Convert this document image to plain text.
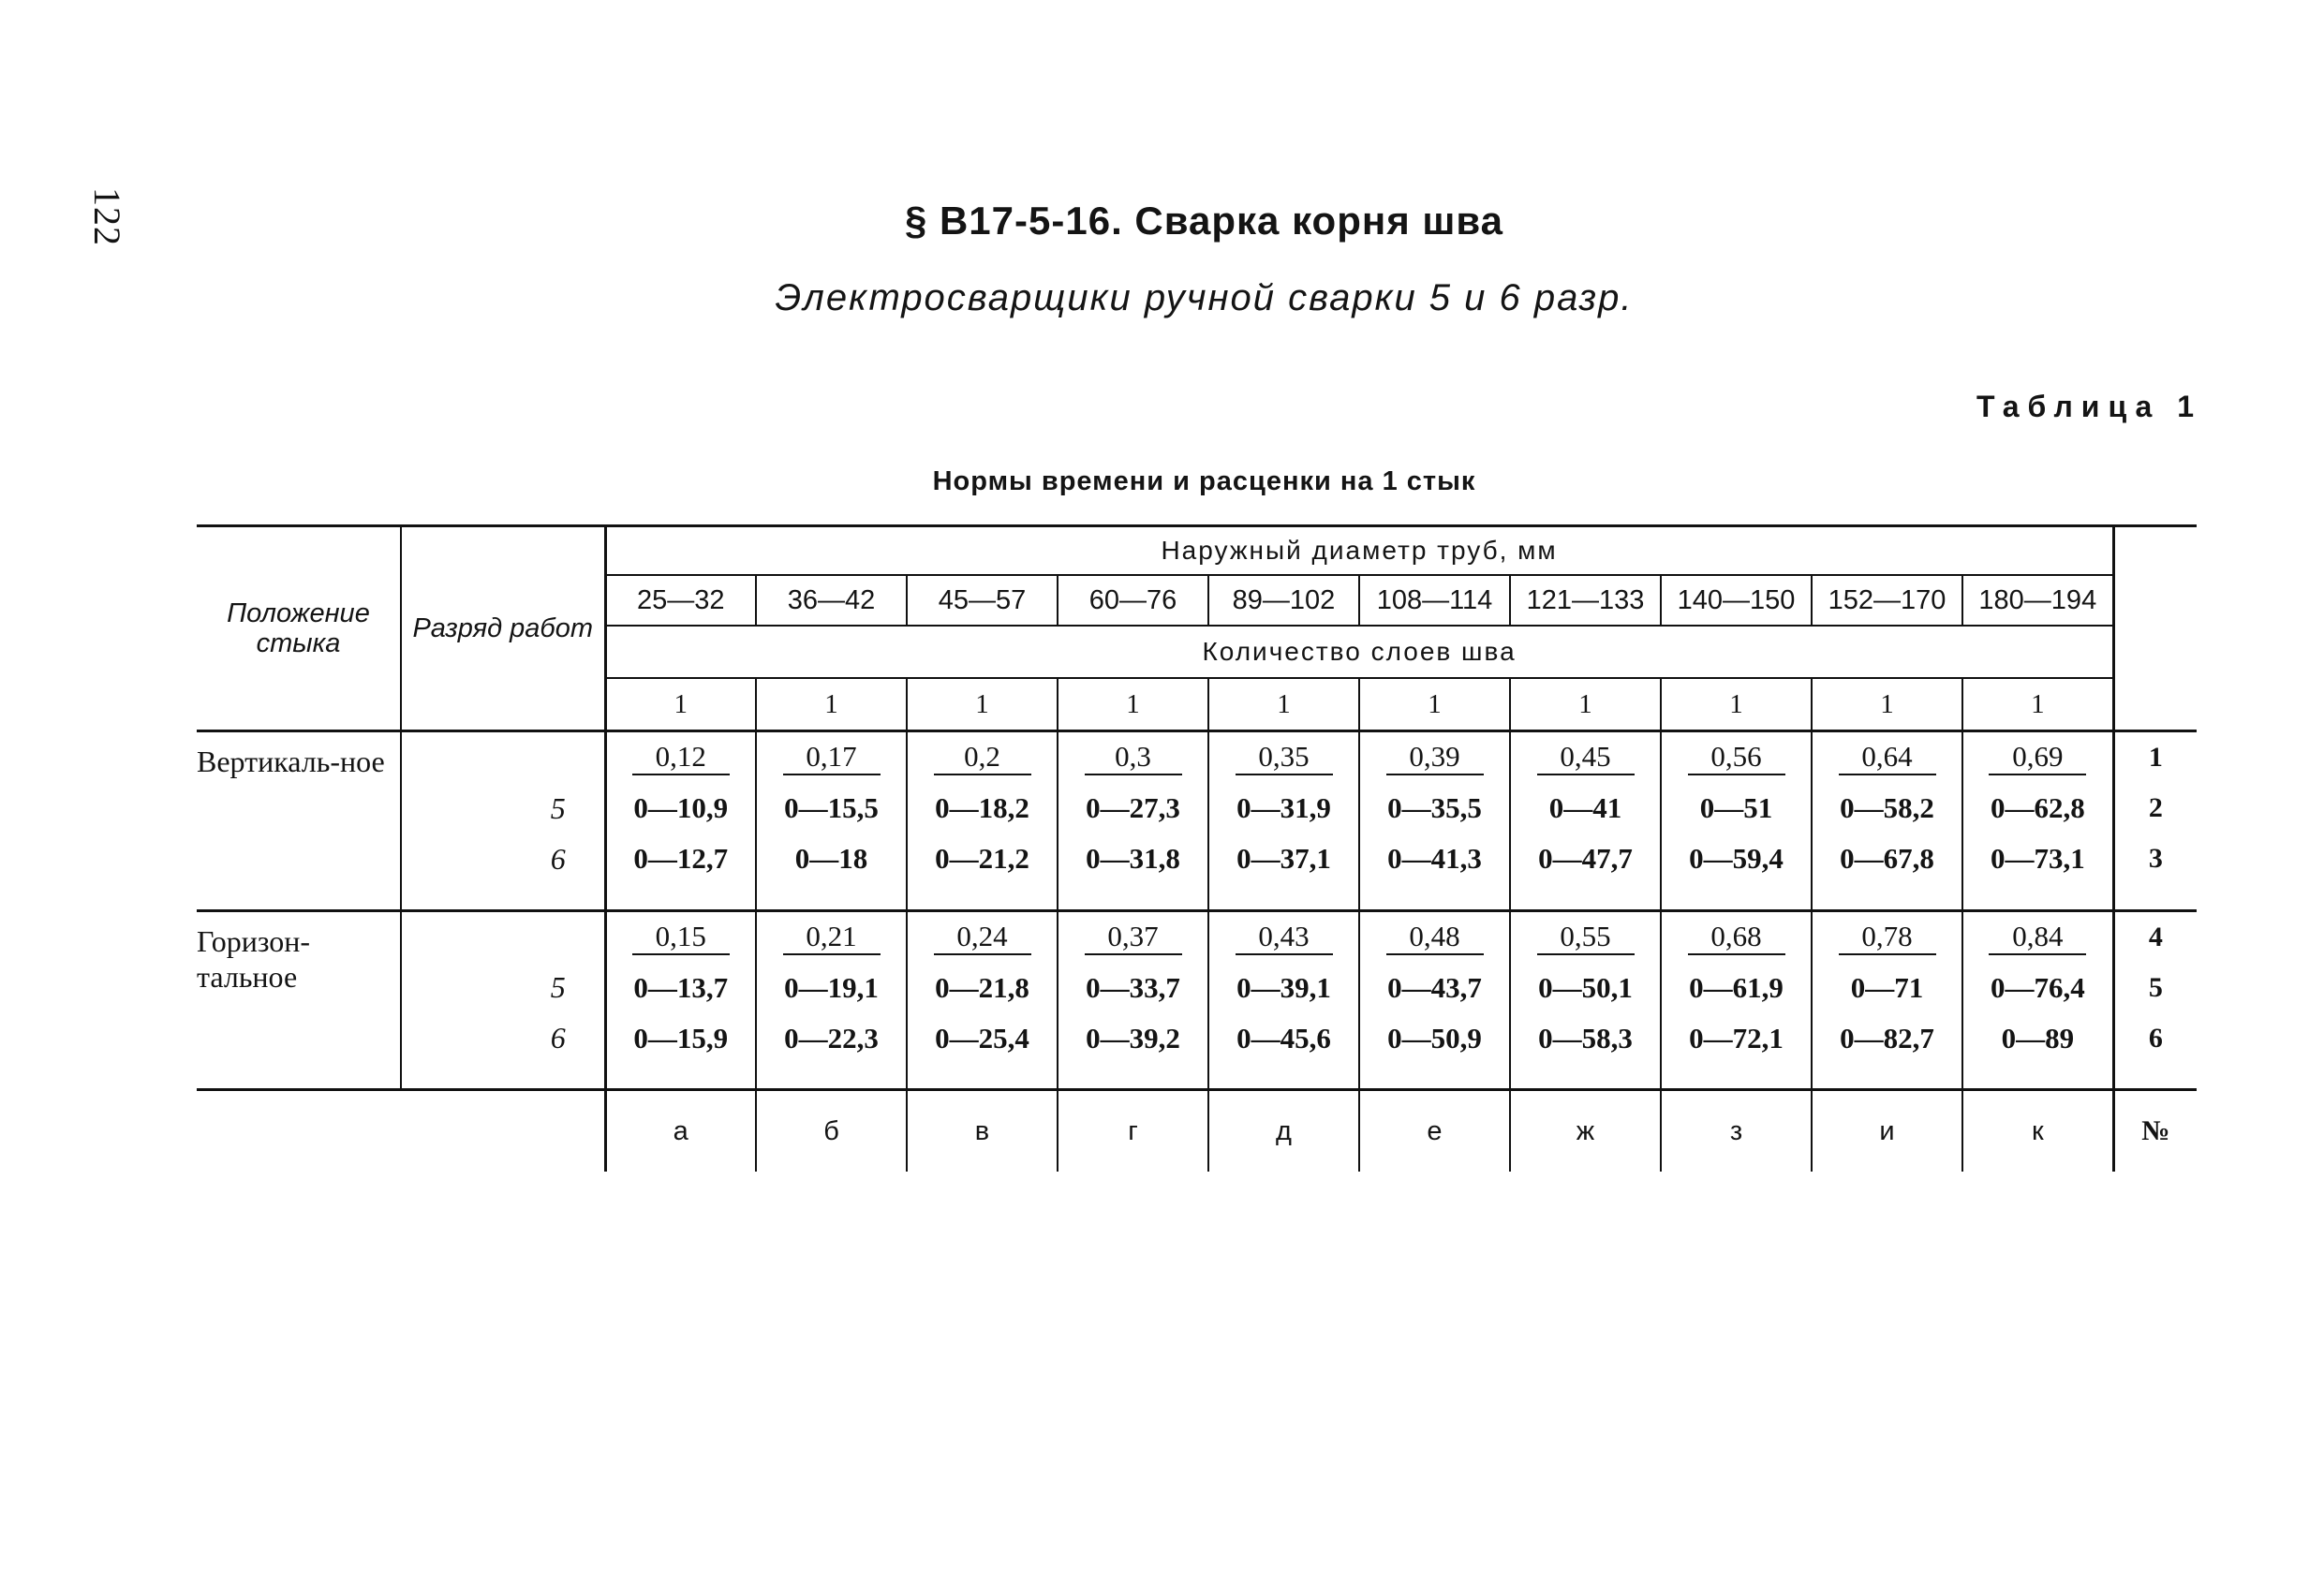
122	§ В17-5-16. Сварка корня шва
Электросварщики ручной сварки 5 и 6 разр.
Таблица 1
Нормы времени и расценки на 1 стык
Положение стыка	Разряд работ	Наружный диаметр труб, мм										
		25—32	36—42	45—57	60—76	89—102	108—114	121—133	140—150	152—170	180—194	
		Количество слоев шва										
		1	1	1	1	1	1	1	1	1	1	
Вертикаль-ное		0,12	0,17	0,2	0,3	0,35	0,39	0,45	0,56	0,64	0,69	1
	5	0—10,9	0—15,5	0—18,2	0—27,3	0—31,9	0—35,5	0—41	0—51	0—58,2	0—62,8	2
	6	0—12,7	0—18	0—21,2	0—31,8	0—37,1	0—41,3	0—47,7	0—59,4	0—67,8	0—73,1	3

Горизон-тальное		0,15	0,21	0,24	0,37	0,43	0,48	0,55	0,68	0,78	0,84	4
	5	0—13,7	0—19,1	0—21,8	0—33,7	0—39,1	0—43,7	0—50,1	0—61,9	0—71	0—76,4	5
	6	0—15,9	0—22,3	0—25,4	0—39,2	0—45,6	0—50,9	0—58,3	0—72,1	0—82,7	0—89	6

		а	б	в	г	д	е	ж	з	и	к	№
